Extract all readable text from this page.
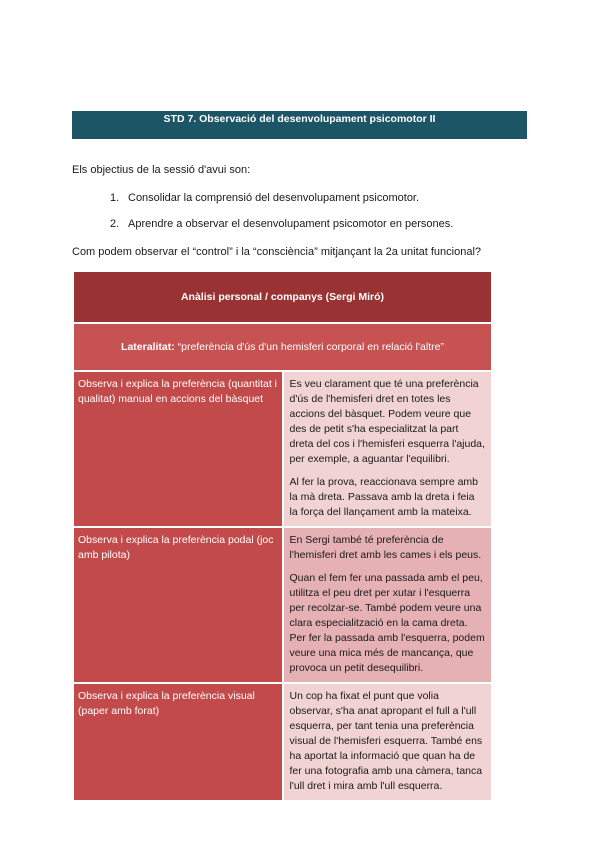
STD 7. Observació del desenvolupament psicomotor II
Els objectius de la sessió d'avui son:
1. Consolidar la comprensió del desenvolupament psicomotor.
2. Aprendre a observar el desenvolupament psicomotor en persones.
Com podem observar el “control” i la “consciència” mitjançant la 2a unitat funcional?
Anàlisi personal / companys (Sergi Miró)	
Lateralitat: “preferència d'ús d'un hemisferi corporal en relació l'altre”	
Observa i explica la preferència (quantitat i qualitat) manual en accions del bàsquet	Es veu clarament que té una preferència d'ús de l'hemisferi dret en totes les accions del bàsquet. Podem veure que des de petit s'ha especialitzat la part dreta del cos i l'hemisferi esquerra l'ajuda, per exemple, a aguantar l'equilibri.

Al fer la prova, reaccionava sempre amb la mà dreta. Passava amb la dreta i feia la força del llançament amb la mateixa.

Observa i explica la preferència podal (joc amb pilota)	En Sergi també té preferència de l'hemisferi dret amb les cames i els peus.

Quan el fem fer una passada amb el peu, utilitza el peu dret per xutar i l'esquerra per recolzar-se. També podem veure una clara especialització en la cama dreta. Per fer la passada amb l'esquerra, podem veure una mica més de mancança, que provoca un petit desequilibri.

Observa i explica la preferència visual (paper amb forat)	Un cop ha fixat el punt que volia observar, s'ha anat apropant el full a l'ull esquerra, per tant tenia una preferència visual de l'hemisferi esquerra. També ens ha aportat la informació que quan ha de fer una fotografia amb una càmera, tanca l'ull dret i mira amb l'ull esquerra.
